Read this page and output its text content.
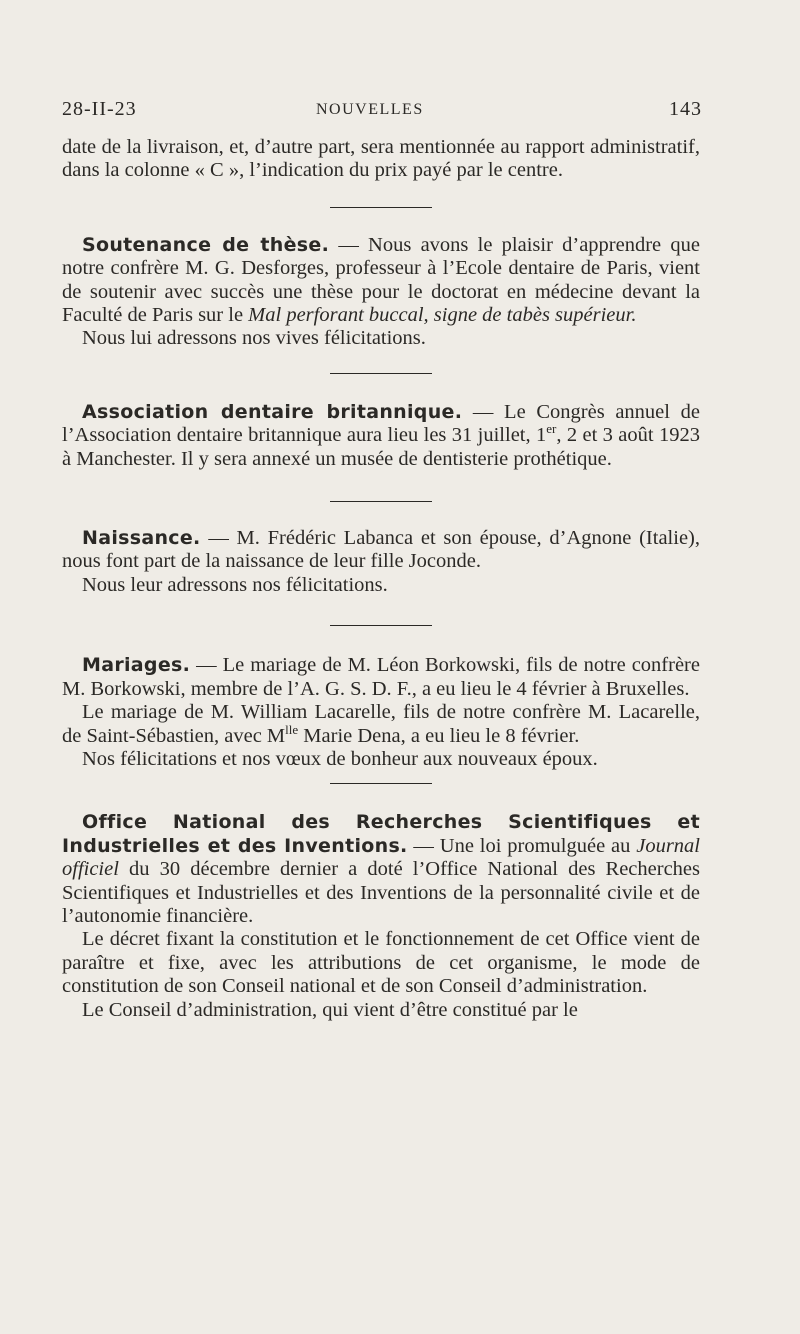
28-II-23	NOUVELLES	143

date de la livraison, et, d’autre part, sera mentionnée au rapport administratif, dans la colonne « C », l’indication du prix payé par le centre.

Soutenance de thèse. — Nous avons le plaisir d’apprendre que notre confrère M. G. Desforges, professeur à l’Ecole dentaire de Paris, vient de soutenir avec succès une thèse pour le doctorat en médecine devant la Faculté de Paris sur le Mal perforant buccal, signe de tabès supérieur.

Nous lui adressons nos vives félicitations.

Association dentaire britannique. — Le Congrès annuel de l’Association dentaire britannique aura lieu les 31 juillet, 1er, 2 et 3 août 1923 à Manchester. Il y sera annexé un musée de dentisterie prothétique.

Naissance. — M. Frédéric Labanca et son épouse, d’Agnone (Italie), nous font part de la naissance de leur fille Joconde.

Nous leur adressons nos félicitations.

Mariages. — Le mariage de M. Léon Borkowski, fils de notre confrère M. Borkowski, membre de l’A. G. S. D. F., a eu lieu le 4 février à Bruxelles.

Le mariage de M. William Lacarelle, fils de notre confrère M. Lacarelle, de Saint-Sébastien, avec $M^{lle}$ Marie Dena, a eu lieu le 8 février.

Nos félicitations et nos vœux de bonheur aux nouveaux époux.

Office National des Recherches Scientifiques et Industrielles et des Inventions. — Une loi promulguée au Journal officiel du 30 décembre dernier a doté l’Office National des Recherches Scientifiques et Industrielles et des Inventions de la personnalité civile et de l’autonomie financière.

Le décret fixant la constitution et le fonctionnement de cet Office vient de paraître et fixe, avec les attributions de cet organisme, le mode de constitution de son Conseil national et de son Conseil d’administration.

Le Conseil d’administration, qui vient d’être constitué par le
